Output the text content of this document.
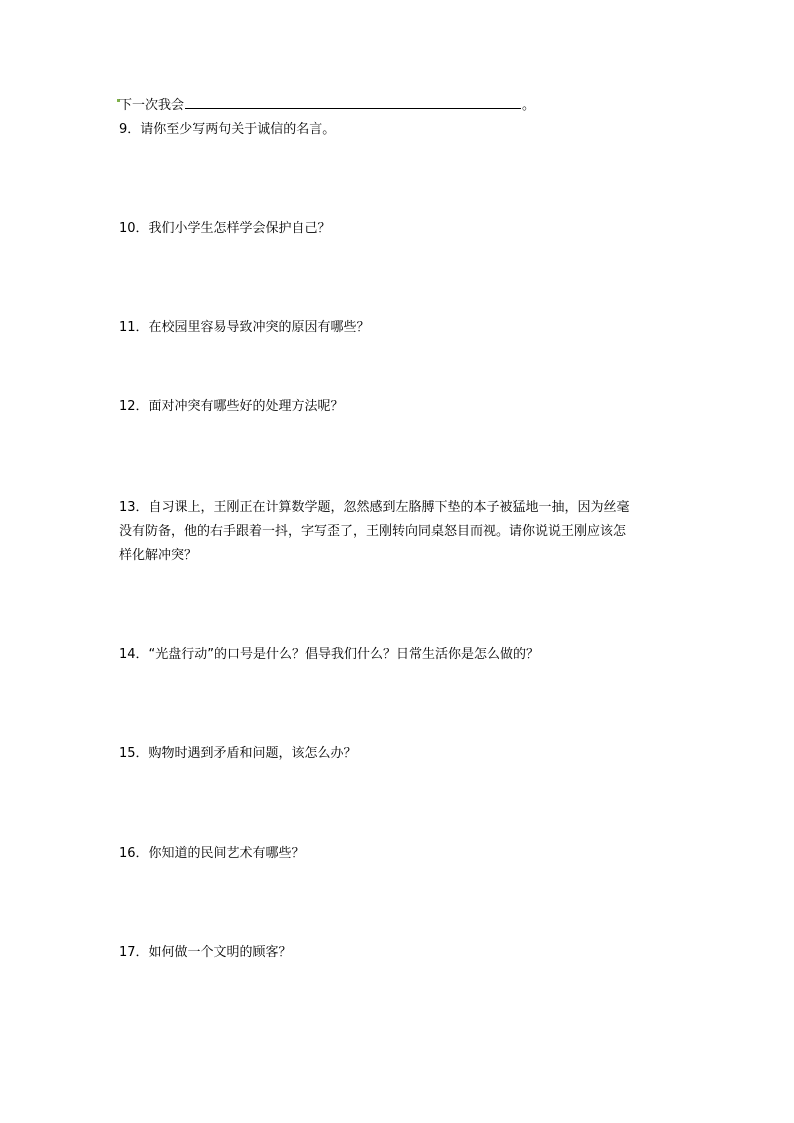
下一次我会	。
9．请你至少写两句关于诚信的名言。
10．我们小学生怎样学会保护自己？
11．在校园里容易导致冲突的原因有哪些？
12．面对冲突有哪些好的处理方法呢？

13．自习课上，王刚正在计算数学题，忽然感到左胳膊下垫的本子被猛地一抽，因为丝毫

没有防备，他的右手跟着一抖，字写歪了，王刚转向同桌怒目而视。请你说说王刚应该怎

样化解冲突？

14．“光盘行动”的口号是什么？倡导我们什么？日常生活你是怎么做的？
15．购物时遇到矛盾和问题，该怎么办？
16．你知道的民间艺术有哪些？
17．如何做一个文明的顾客？
